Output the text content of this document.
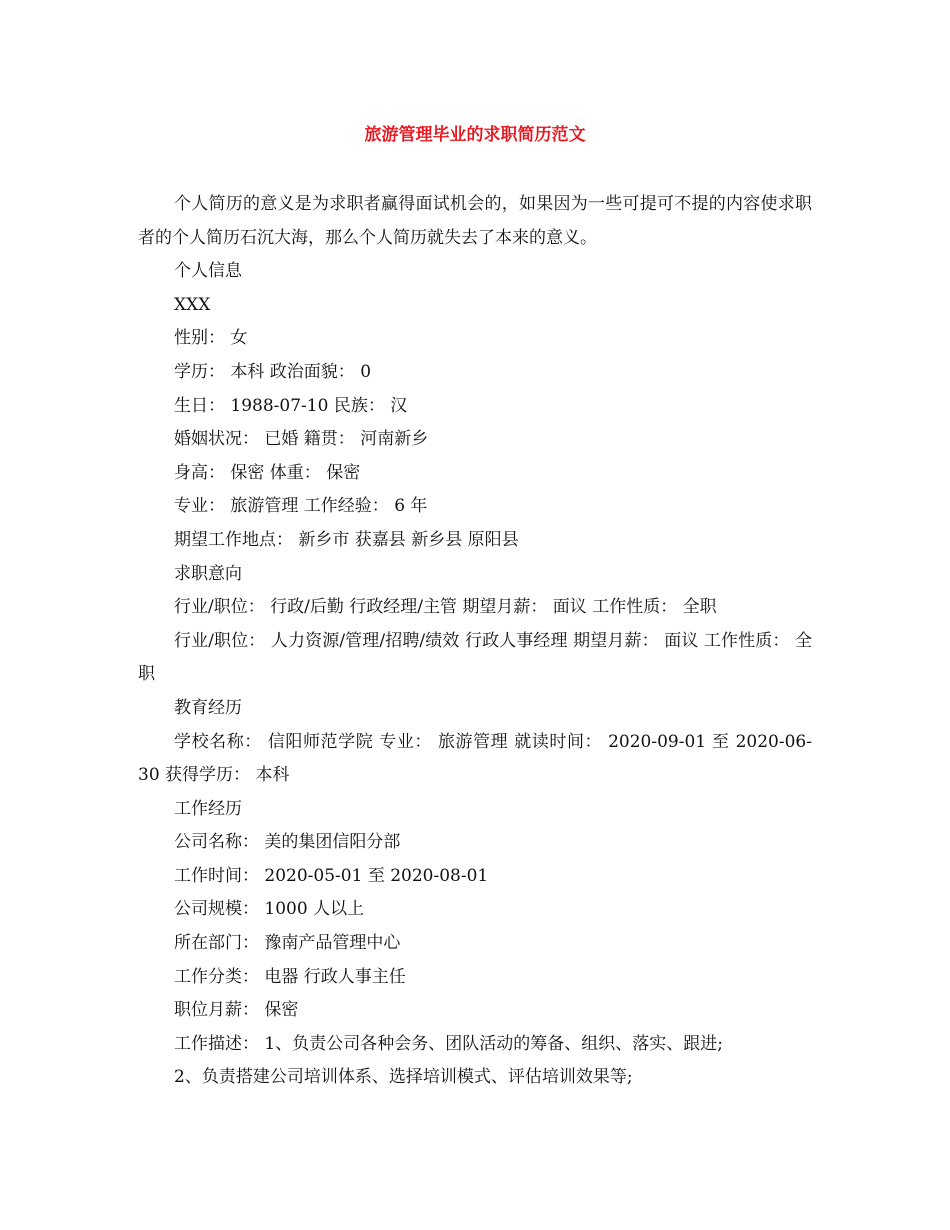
旅游管理毕业的求职简历范文

个人简历的意义是为求职者赢得面试机会的，如果因为一些可提可不提的内容使求职者的个人简历石沉大海，那么个人简历就失去了本来的意义。

个人信息

XXX

性别： 女

学历： 本科 政治面貌： 0

生日： 1988-07-10 民族： 汉

婚姻状况： 已婚 籍贯： 河南新乡

身高： 保密 体重： 保密

专业： 旅游管理 工作经验： 6 年

期望工作地点： 新乡市 获嘉县 新乡县 原阳县

求职意向

行业/职位： 行政/后勤 行政经理/主管 期望月薪： 面议 工作性质： 全职

行业/职位： 人力资源/管理/招聘/绩效 行政人事经理 期望月薪： 面议 工作性质： 全职

教育经历

学校名称： 信阳师范学院 专业： 旅游管理 就读时间： 2020-09-01 至 2020-06-30 获得学历： 本科

工作经历

公司名称： 美的集团信阳分部

工作时间： 2020-05-01 至 2020-08-01

公司规模： 1000 人以上

所在部门： 豫南产品管理中心

工作分类： 电器 行政人事主任

职位月薪： 保密

工作描述： 1、负责公司各种会务、团队活动的筹备、组织、落实、跟进;

2、负责搭建公司培训体系、选择培训模式、评估培训效果等;
